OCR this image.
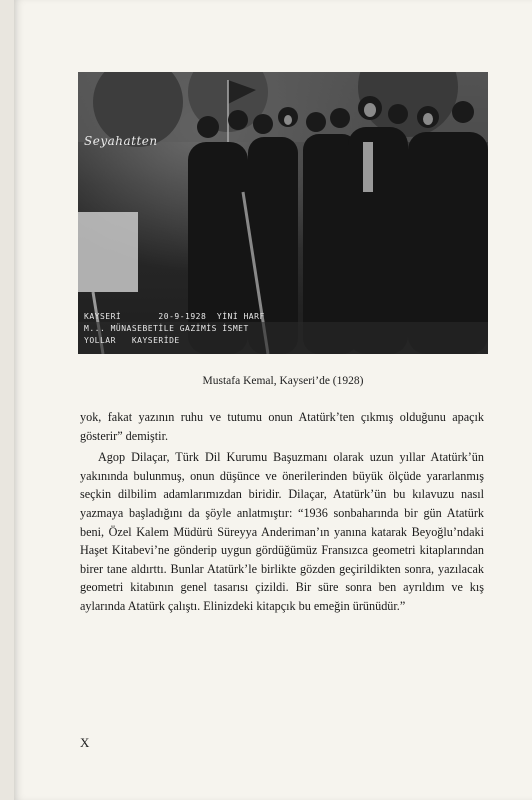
Seyahatten
KAYSERİ       20-9-1928  YİNİ HARF
M... MÜNASEBETİLE GAZİMİS İSMET
YOLLAR   KAYSERİDE
Mustafa Kemal, Kayseri’de (1928)

yok, fakat yazının ruhu ve tutumu onun Atatürk’ten çıkmış olduğunu apaçık gösterir” demiştir.

Agop Dilaçar, Türk Dil Kurumu Başuzmanı olarak uzun yıllar Atatürk’ün yakınında bulunmuş, onun düşünce ve önerilerinden büyük ölçüde yararlanmış seçkin dilbilim adamlarımızdan biridir. Dilaçar, Atatürk’ün bu kılavuzu nasıl yazmaya başladığını da şöyle anlatmıştır: “1936 sonbaharında bir gün Atatürk beni, Özel Kalem Müdürü Süreyya Anderiman’ın yanına katarak Beyoğlu’ndaki Haşet Kitabevi’ne gönderip uygun gördüğümüz Fransızca geometri kitaplarından birer tane aldırttı. Bunlar Atatürk’le birlikte gözden geçirildikten sonra, yazılacak geometri kitabının genel tasarısı çizildi. Bir süre sonra ben ayrıldım ve kış aylarında Atatürk çalıştı. Elinizdeki kitapçık bu emeğin ürünüdür.”

X
